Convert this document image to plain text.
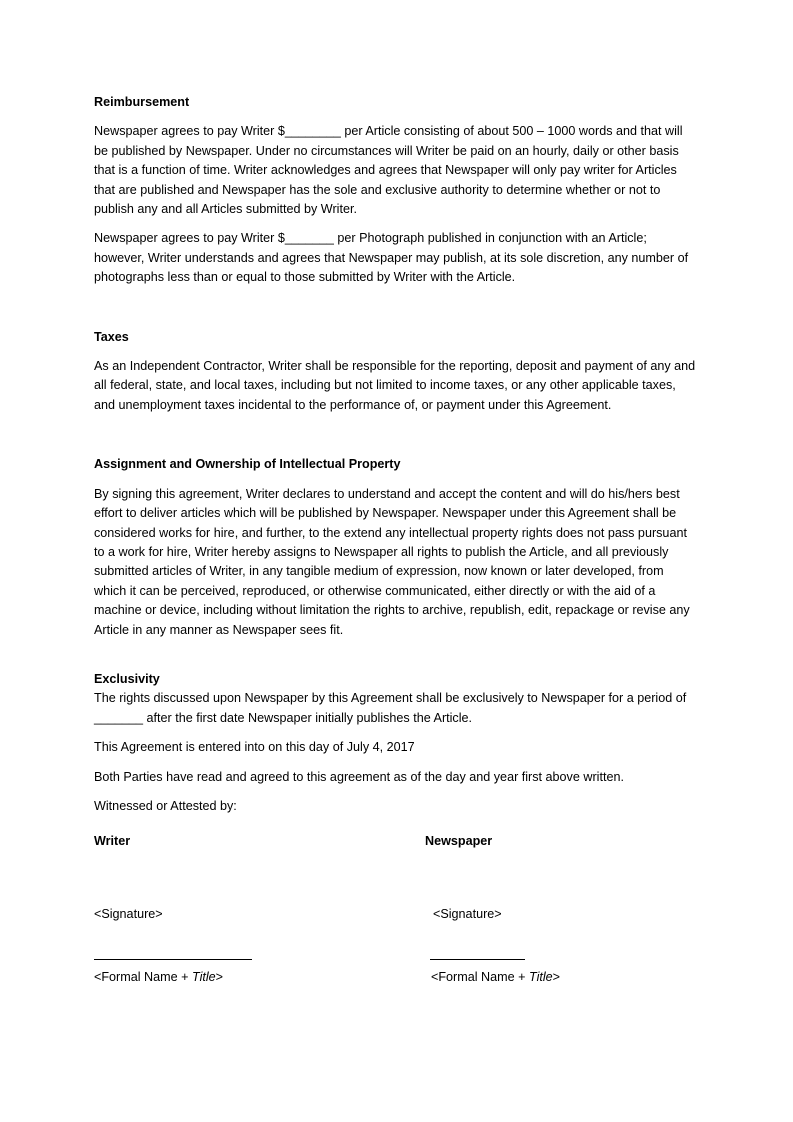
Reimbursement

Newspaper agrees to pay Writer $________ per Article consisting of about 500 – 1000 words and that will be published by Newspaper. Under no circumstances will Writer be paid on an hourly, daily or other basis that is a function of time. Writer acknowledges and agrees that Newspaper will only pay writer for Articles that are published and Newspaper has the sole and exclusive authority to determine whether or not to publish any and all Articles submitted by Writer.

Newspaper agrees to pay Writer $_______ per Photograph published in conjunction with an Article; however, Writer understands and agrees that Newspaper may publish, at its sole discretion, any number of photographs less than or equal to those submitted by Writer with the Article.

Taxes

As an Independent Contractor, Writer shall be responsible for the reporting, deposit and payment of any and all federal, state, and local taxes, including but not limited to income taxes, or any other applicable taxes, and unemployment taxes incidental to the performance of, or payment under this Agreement.

Assignment and Ownership of Intellectual Property

By signing this agreement, Writer declares to understand and accept the content and will do his/hers best effort to deliver articles which will be published by Newspaper. Newspaper under this Agreement shall be considered works for hire, and further, to the extend any intellectual property rights does not pass pursuant to a work for hire, Writer hereby assigns to Newspaper all rights to publish the Article, and all previously submitted articles of Writer, in any tangible medium of expression, now known or later developed, from which it can be perceived, reproduced, or otherwise communicated, either directly or with the aid of a machine or device, including without limitation the rights to archive, republish, edit, repackage or revise any Article in any manner as Newspaper sees fit.

Exclusivity

The rights discussed upon Newspaper by this Agreement shall be exclusively to Newspaper for a period of _______ after the first date Newspaper initially publishes the Article.

This Agreement is entered into on this day of July 4, 2017

Both Parties have read and agreed to this agreement as of the day and year first above written.

Witnessed or Attested by:

Writer
<Signature>
<Formal Name + Title>
Newspaper
<Signature>
<Formal Name + Title>
